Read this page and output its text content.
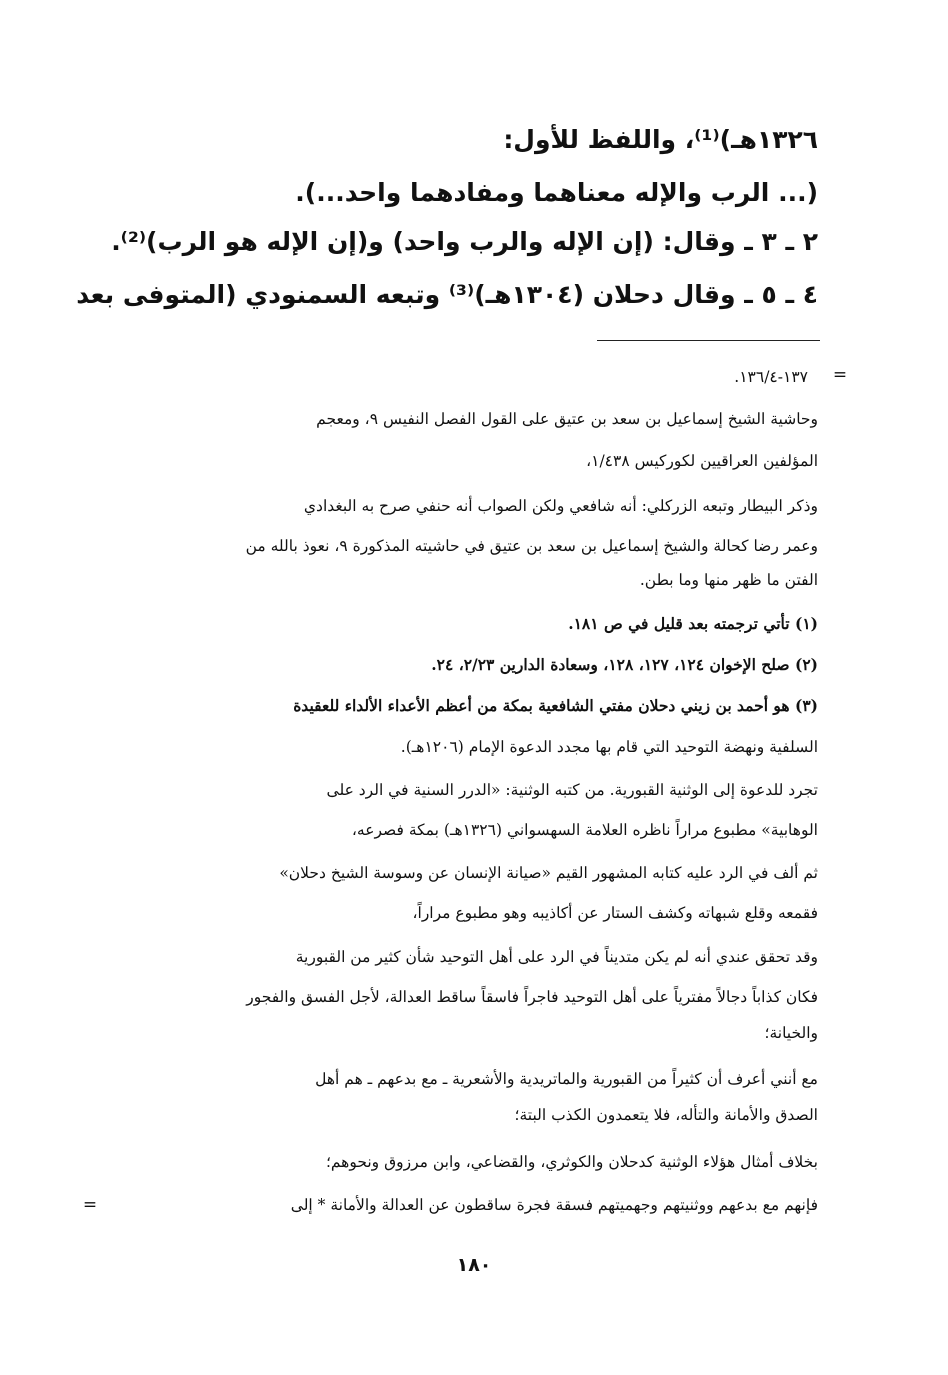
١٣٢٦هـ)⁽¹⁾، واللفظ للأول:
(... الرب والإله معناهما ومفادهما واحد...).
٢ ـ ٣ ـ وقال: (إن الإله والرب واحد) و(إن الإله هو الرب)⁽²⁾.
٤ ـ ٥ ـ وقال دحلان (١٣٠٤هـ)⁽³⁾ وتبعه السمنودي (المتوفى بعد
=
١٣٧-١٣٦/٤.
وحاشية الشيخ إسماعيل بن سعد بن عتيق على القول الفصل النفيس ٩، ومعجم
المؤلفين العراقيين لكوركيس ١/٤٣٨،
وذكر البيطار وتبعه الزركلي: أنه شافعي ولكن الصواب أنه حنفي صرح به البغدادي
وعمر رضا كحالة والشيخ إسماعيل بن سعد بن عتيق في حاشيته المذكورة ٩، نعوذ بالله من
الفتن ما ظهر منها وما بطن.
(١) تأتي ترجمته بعد قليل في ص ١٨١.
(٢) صلح الإخوان ١٢٤، ١٢٧، ١٢٨، وسعادة الدارين ٢/٢٣، ٢٤.
(٣) هو أحمد بن زيني دحلان مفتي الشافعية بمكة من أعظم الأعداء الألداء للعقيدة
السلفية ونهضة التوحيد التي قام بها مجدد الدعوة الإمام (١٢٠٦هـ).
تجرد للدعوة إلى الوثنية القبورية. من كتبه الوثنية: «الدرر السنية في الرد على
الوهابية» مطبوع مراراً ناظره العلامة السهسواني (١٣٢٦هـ) بمكة فصرعه،
ثم ألف في الرد عليه كتابه المشهور القيم «صيانة الإنسان عن وسوسة الشيخ دحلان»
فقمعه وقلع شبهاته وكشف الستار عن أكاذيبه وهو مطبوع مراراً،
وقد تحقق عندي أنه لم يكن متديناً في الرد على أهل التوحيد شأن كثير من القبورية
فكان كذاباً دجالاً مفترياً على أهل التوحيد فاجراً فاسقاً ساقط العدالة، لأجل الفسق والفجور
والخيانة؛
مع أنني أعرف أن كثيراً من القبورية والماتريدية والأشعرية ـ مع بدعهم ـ هم أهل
الصدق والأمانة والتأله، فلا يتعمدون الكذب البتة؛
بخلاف أمثال هؤلاء الوثنية كدحلان والكوثري، والقضاعي، وابن مرزوق ونحوهم؛
فإنهم مع بدعهم ووثنيتهم وجهميتهم فسقة فجرة ساقطون عن العدالة والأمانة * إلى
=
١٨٠
